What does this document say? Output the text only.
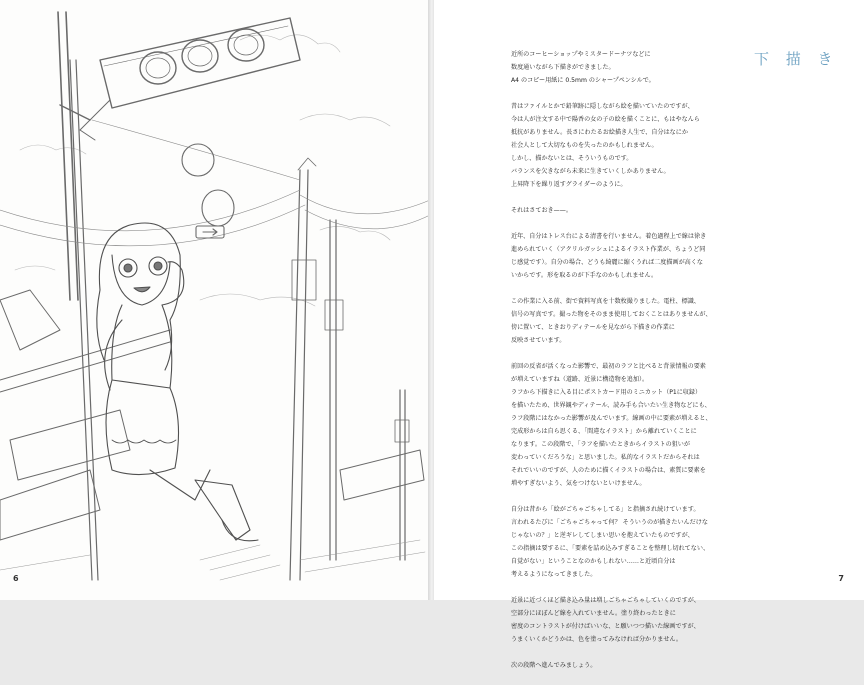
6

近所のコーヒーショップやミスタードーナツなどに
数度通いながら下描きができました。
A4 のコピー用紙に 0.5mm のシャープペンシルで。

昔はファイルとかで鉛筆跡に隠しながら絵を描いていたのですが、
今は人が注文する中で陽香の女の子の絵を描くことに、もはやなんら
抵抗がありません。長さにわたるお絵描き人生で、自分はなにか
社会人として大切なものを失ったのかもしれません。
しかし、描かないとは、そういうものです。
バランスを欠きながら未来に生きていくしかありません。
上昇降下を繰り返すグライダーのように。

それはさておき——。

近年、自分はトレス台による清書を行いません。着色過程上で線は徐き
進められていく（アクリルガッシュによるイラスト作業が、ちょうど同
じ感覚です）。自分の場合、どうも綺麗に縮くうれば二度描画が高くな
いからです。形を取るのが下手なのかもしれません。

この作業に入る前、街で資料写真を十数枚撮りました。電柱、標識、
信号の写真です。撮った物をそのまま使用しておくことはありませんが、
傍に置いて、ときおりディテールを見ながら下描きの作業に
反映させています。

前回の反省が活くなった影響で、最初のラフと比べると背景情報の要素
が増えていますね（道路、近景に構造物を追加）。
ラフから下描きに入る目にポストカード用のミニカット（P1に収録）
を描いたため、世界観やディテール、読み手も合いたい生き物などにも、
ラフ段階にはなかった影響が及んでいます。線画の中に要素が増えると、
完成形からは自ら思くる、「間違なイラスト」から離れていくことに
なります。この段階で、「ラフを描いたときからイラストの狙いが
変わっていくだろうな」と思いました。私的なイラストだからそれは
それでいいのですが、人のために描くイラストの場合は、素質に要素を
増やすぎないよう、気をつけないといけません。

自分は昔から「絵がごちゃごちゃしてる」と指摘され続けています。
言われるたびに「ごちゃごちゃって何？ そういうのが描きたいんだけな
じゃないの？」と逆ギレしてしまい思いを抱えていたものですが、
この指摘は要するに、「要素を詰め込みすぎることを整理し切れてない、
自覚がない」ということなのかもしれない……と近頃自分は
考えるようになってきました。

近景に近づくほど描き込み量は増しごちゃごちゃしていくのですが、
空部分にほぼんど線を入れていません。塗り終わったときに
密度のコントラストが付けばいいな、と願いつつ描いた線画ですが、
うまくいくかどうかは、色を塗ってみなければ分かりません。

次の段階へ進んでみましょう。

下 描 き
7
